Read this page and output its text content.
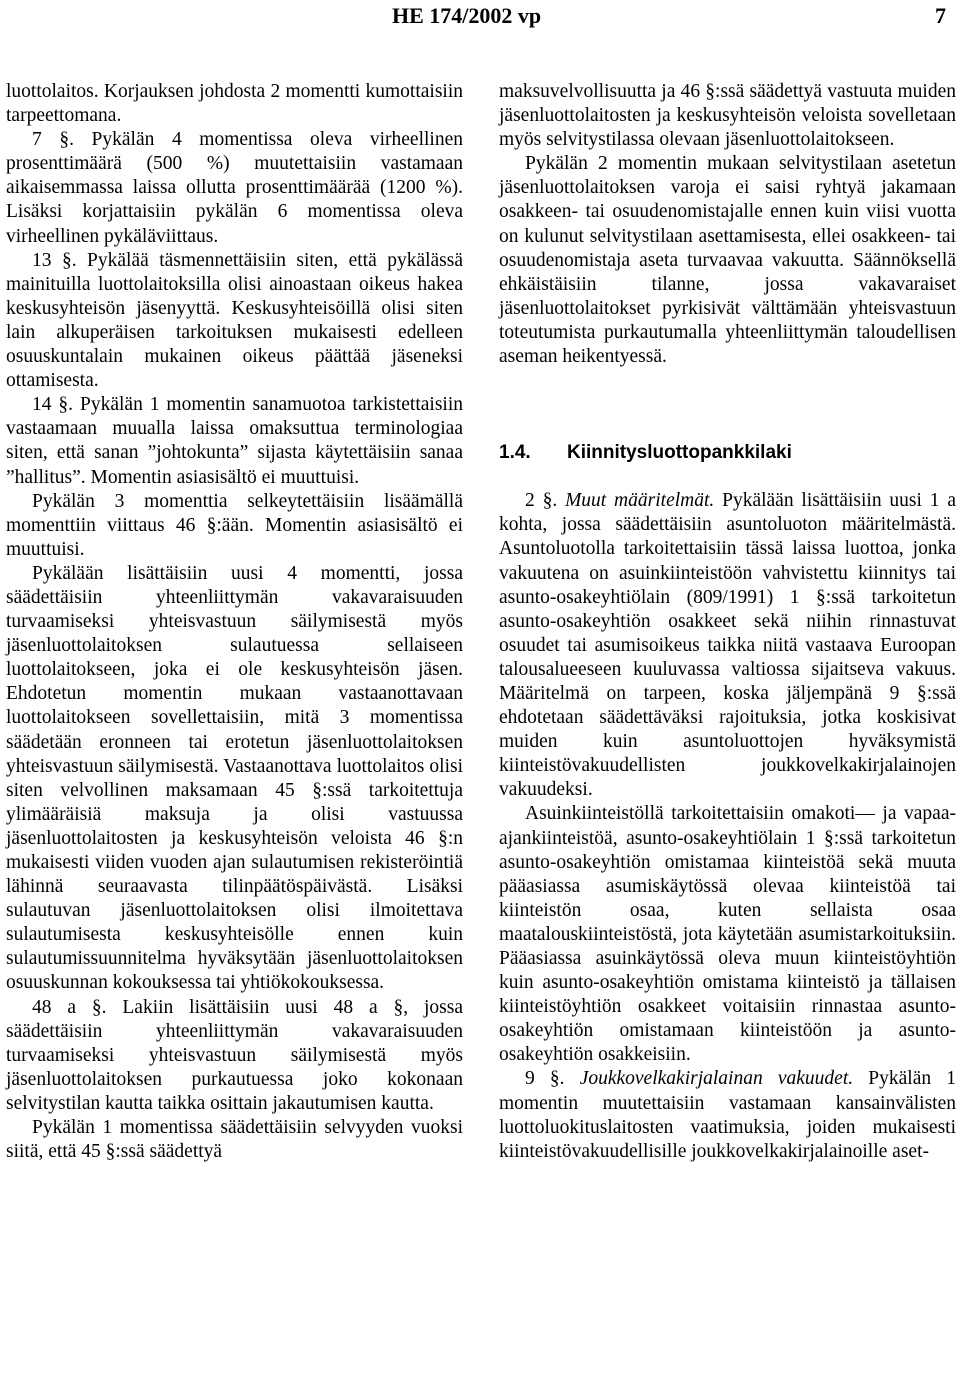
HE 174/2002 vp	7

luottolaitos. Korjauksen johdosta 2 momentti kumottaisiin tarpeettomana.

7 §. Pykälän 4 momentissa oleva virheellinen prosenttimäärä (500 %) muutettaisiin vastamaan aikaisemmassa laissa ollutta prosenttimäärää (1200 %). Lisäksi korjattaisiin pykälän 6 momentissa oleva virheellinen pykäläviittaus.

13 §. Pykälää täsmennettäisiin siten, että pykälässä mainituilla luottolaitoksilla olisi ainoastaan oikeus hakea keskusyhteisön jäsenyyttä. Keskusyhteisöillä olisi siten lain alkuperäisen tarkoituksen mukaisesti edelleen osuuskuntalain mukainen oikeus päättää jäseneksi ottamisesta.

14 §. Pykälän 1 momentin sanamuotoa tarkistettaisiin vastaamaan muualla laissa omaksuttua terminologiaa siten, että sanan ”johtokunta” sijasta käytettäisiin sanaa ”hallitus”. Momentin asiasisältö ei muuttuisi.

Pykälän 3 momenttia selkeytettäisiin lisäämällä momenttiin viittaus 46 §:ään. Momentin asiasisältö ei muuttuisi.

Pykälään lisättäisiin uusi 4 momentti, jossa säädettäisiin yhteenliittymän vakavaraisuuden turvaamiseksi yhteisvastuun säilymisestä myös jäsenluottolaitoksen sulautuessa sellaiseen luottolaitokseen, joka ei ole keskusyhteisön jäsen. Ehdotetun momentin mukaan vastaanottavaan luottolaitokseen sovellettaisiin, mitä 3 momentissa säädetään eronneen tai erotetun jäsenluottolaitoksen yhteisvastuun säilymisestä. Vastaanottava luottolaitos olisi siten velvollinen maksamaan 45 §:ssä tarkoitettuja ylimääräisiä maksuja ja olisi vastuussa jäsenluottolaitosten ja keskusyhteisön veloista 46 §:n mukaisesti viiden vuoden ajan sulautumisen rekisteröintiä lähinnä seuraavasta tilinpäätöspäivästä. Lisäksi sulautuvan jäsenluottolaitoksen olisi ilmoitettava sulautumisesta keskusyhteisölle ennen kuin sulautumissuunnitelma hyväksytään jäsenluottolaitoksen osuuskunnan kokouksessa tai yhtiökokouksessa.

48 a §. Lakiin lisättäisiin uusi 48 a §, jossa säädettäisiin yhteenliittymän vakavaraisuuden turvaamiseksi yhteisvastuun säilymisestä myös jäsenluottolaitoksen purkautuessa joko kokonaan selvitystilan kautta taikka osittain jakautumisen kautta.

Pykälän 1 momentissa säädettäisiin selvyyden vuoksi siitä, että 45 §:ssä säädettyä

maksuvelvollisuutta ja 46 §:ssä säädettyä vastuuta muiden jäsenluottolaitosten ja keskusyhteisön veloista sovelletaan myös selvitystilassa olevaan jäsenluottolaitokseen.

Pykälän 2 momentin mukaan selvitystilaan asetetun jäsenluottolaitoksen varoja ei saisi ryhtyä jakamaan osakkeen- tai osuudenomistajalle ennen kuin viisi vuotta on kulunut selvitystilaan asettamisesta, ellei osakkeen- tai osuudenomistaja aseta turvaavaa vakuutta. Säännöksellä ehkäistäisiin tilanne, jossa vakavaraiset jäsenluottolaitokset pyrkisivät välttämään yhteisvastuun toteutumista purkautumalla yhteenliittymän taloudellisen aseman heikentyessä.

1.4. Kiinnitysluottopankkilaki

2 §. Muut määritelmät. Pykälään lisättäisiin uusi 1 a kohta, jossa säädettäisiin asuntoluoton määritelmästä. Asuntoluotolla tarkoitettaisiin tässä laissa luottoa, jonka vakuutena on asuinkiinteistöön vahvistettu kiinnitys tai asunto-osakeyhtiölain (809/1991) 1 §:ssä tarkoitetun asunto-osakeyhtiön osakkeet sekä niihin rinnastuvat osuudet tai asumisoikeus taikka niitä vastaava Euroopan talousalueeseen kuuluvassa valtiossa sijaitseva vakuus. Määritelmä on tarpeen, koska jäljempänä 9 §:ssä ehdotetaan säädettäväksi rajoituksia, jotka koskisivat muiden kuin asuntoluottojen hyväksymistä kiinteistövakuudellisten joukkovelkakirjalainojen vakuudeksi.

Asuinkiinteistöllä tarkoitettaisiin omakoti— ja vapaa-ajankiinteistöä, asunto-osakeyhtiölain 1 §:ssä tarkoitetun asunto-osakeyhtiön omistamaa kiinteistöä sekä muuta pääasiassa asumiskäytössä olevaa kiinteistöä tai kiinteistön osaa, kuten sellaista osaa maatalouskiinteistöstä, jota käytetään asumistarkoituksiin. Pääasiassa asuinkäytössä oleva muun kiinteistöyhtiön kuin asunto-osakeyhtiön omistama kiinteistö ja tällaisen kiinteistöyhtiön osakkeet voitaisiin rinnastaa asunto-osakeyhtiön omistamaan kiinteistöön ja asunto-osakeyhtiön osakkeisiin.

9 §. Joukkovelkakirjalainan vakuudet. Pykälän 1 momentin muutettaisiin vastamaan kansainvälisten luottoluokituslaitosten vaatimuksia, joiden mukaisesti kiinteistövakuudellisille joukkovelkakirjalainoille aset-
